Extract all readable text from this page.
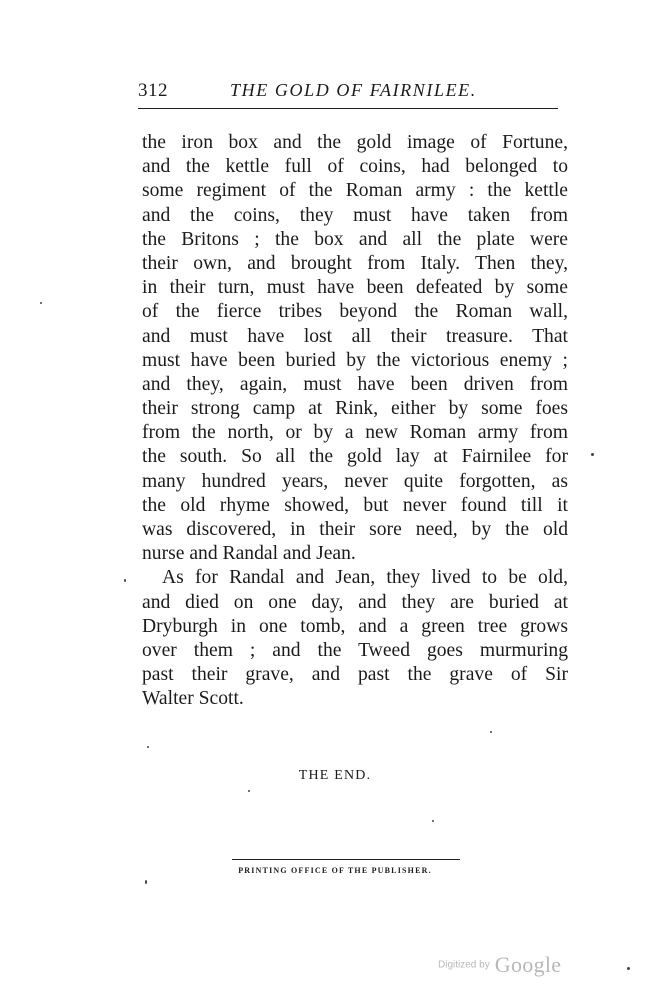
312	THE GOLD OF FAIRNILEE.
the iron box and the gold image of Fortune,
and the kettle full of coins, had belonged to
some regiment of the Roman army : the kettle
and the coins, they must have taken from
the Britons ; the box and all the plate were
their own, and brought from Italy. Then they,
in their turn, must have been defeated by some
of the fierce tribes beyond the Roman wall,
and must have lost all their treasure. That
must have been buried by the victorious enemy ;
and they, again, must have been driven from
their strong camp at Rink, either by some foes
from the north, or by a new Roman army from
the south. So all the gold lay at Fairnilee for
many hundred years, never quite forgotten, as
the old rhyme showed, but never found till it
was discovered, in their sore need, by the old
nurse and Randal and Jean.
As for Randal and Jean, they lived to be old,
and died on one day, and they are buried at
Dryburgh in one tomb, and a green tree grows
over them ; and the Tweed goes murmuring
past their grave, and past the grave of Sir
Walter Scott.
THE END.
PRINTING OFFICE OF THE PUBLISHER.
Digitized by Google
